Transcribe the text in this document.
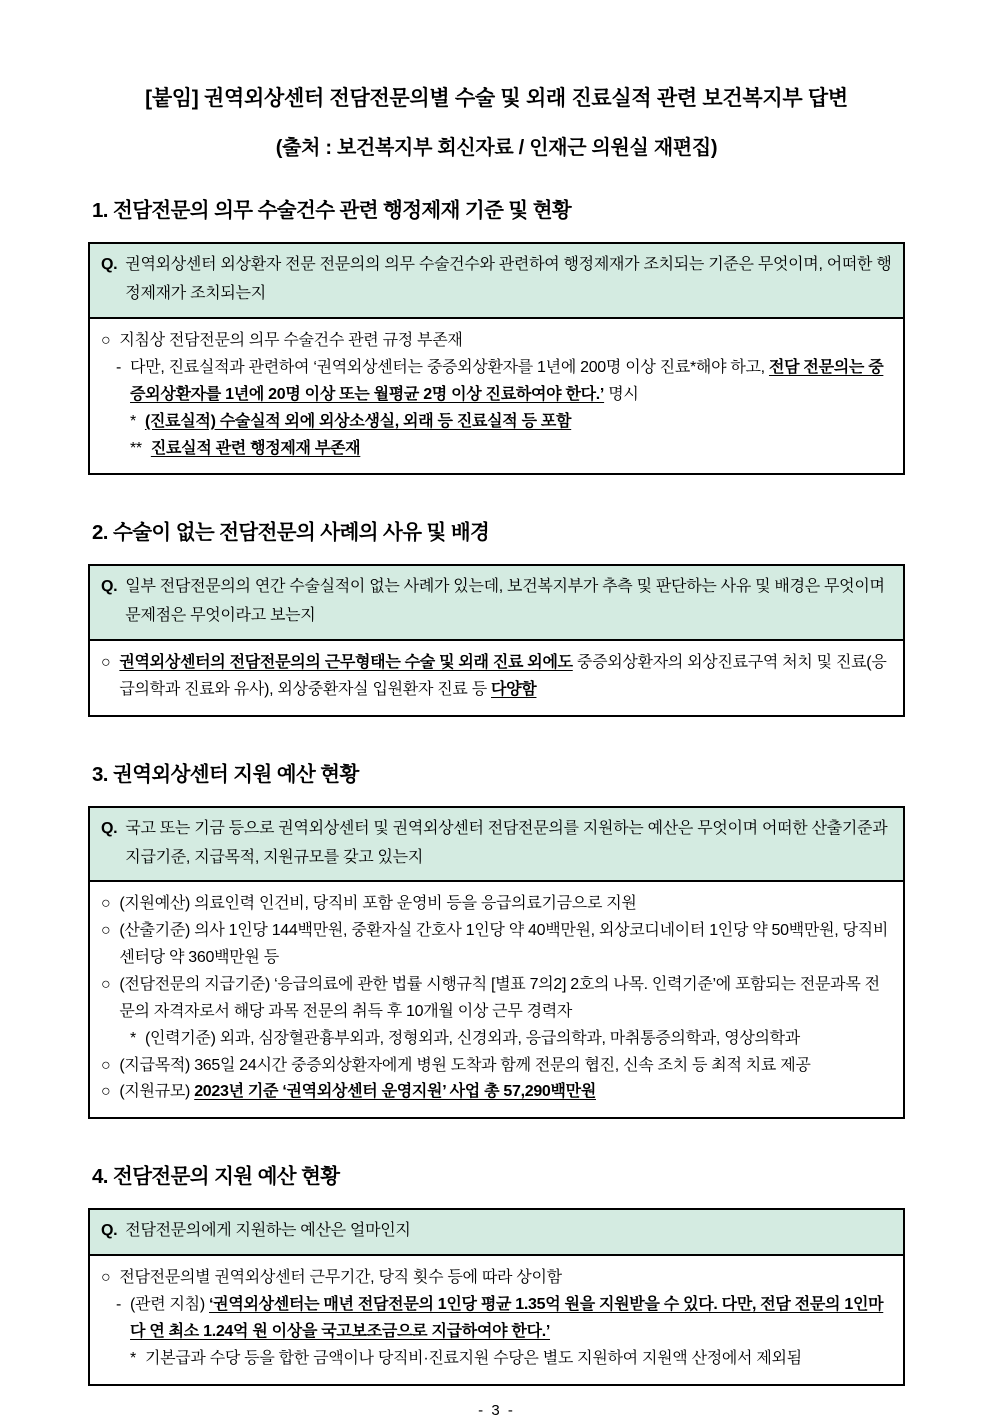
[붙임] 권역외상센터 전담전문의별 수술 및 외래 진료실적 관련 보건복지부 답변
(출처 : 보건복지부 회신자료 / 인재근 의원실 재편집)
1. 전담전문의 의무 수술건수 관련 행정제재 기준 및 현황
Q. 권역외상센터 외상환자 전문 전문의의 의무 수술건수와 관련하여 행정제재가 조치되는 기준은 무엇이며, 어떠한 행정제재가 조치되는지
○ 지침상 전담전문의 의무 수술건수 관련 규정 부존재
- 다만, 진료실적과 관련하여 ‘권역외상센터는 중증외상환자를 1년에 200명 이상 진료*해야 하고, 전담 전문의는 중증외상환자를 1년에 20명 이상 또는 월평균 2명 이상 진료하여야 한다.’ 명시
* (진료실적) 수술실적 외에 외상소생실, 외래 등 진료실적 등 포함
** 진료실적 관련 행정제재 부존재
2. 수술이 없는 전담전문의 사례의 사유 및 배경
Q. 일부 전담전문의의 연간 수술실적이 없는 사례가 있는데, 보건복지부가 추측 및 판단하는 사유 및 배경은 무엇이며 문제점은 무엇이라고 보는지
○ 권역외상센터의 전담전문의의 근무형태는 수술 및 외래 진료 외에도 중증외상환자의 외상진료구역 처치 및 진료(응급의학과 진료와 유사), 외상중환자실 입원환자 진료 등 다양함
3. 권역외상센터 지원 예산 현황
Q. 국고 또는 기금 등으로 권역외상센터 및 권역외상센터 전담전문의를 지원하는 예산은 무엇이며 어떠한 산출기준과 지급기준, 지급목적, 지원규모를 갖고 있는지
○ (지원예산) 의료인력 인건비, 당직비 포함 운영비 등을 응급의료기금으로 지원
○ (산출기준) 의사 1인당 144백만원, 중환자실 간호사 1인당 약 40백만원, 외상코디네이터 1인당 약 50백만원, 당직비 센터당 약 360백만원 등
○ (전담전문의 지급기준) ‘응급의료에 관한 법률 시행규칙 [별표 7의2] 2호의 나목. 인력기준’에 포함되는 전문과목 전문의 자격자로서 해당 과목 전문의 취득 후 10개월 이상 근무 경력자
* (인력기준) 외과, 심장혈관흉부외과, 정형외과, 신경외과, 응급의학과, 마취통증의학과, 영상의학과
○ (지급목적) 365일 24시간 중증외상환자에게 병원 도착과 함께 전문의 협진, 신속 조치 등 최적 치료 제공
○ (지원규모) 2023년 기준 ‘권역외상센터 운영지원’ 사업 총 57,290백만원
4. 전담전문의 지원 예산 현황
Q. 전담전문의에게 지원하는 예산은 얼마인지
○ 전담전문의별 권역외상센터 근무기간, 당직 횟수 등에 따라 상이함
- (관련 지침) ‘권역외상센터는 매년 전담전문의 1인당 평균 1.35억 원을 지원받을 수 있다. 다만, 전담 전문의 1인마다 연 최소 1.24억 원 이상을 국고보조금으로 지급하여야 한다.’
* 기본급과 수당 등을 합한 금액이나 당직비·진료지원 수당은 별도 지원하여 지원액 산정에서 제외됨
- 3 -
